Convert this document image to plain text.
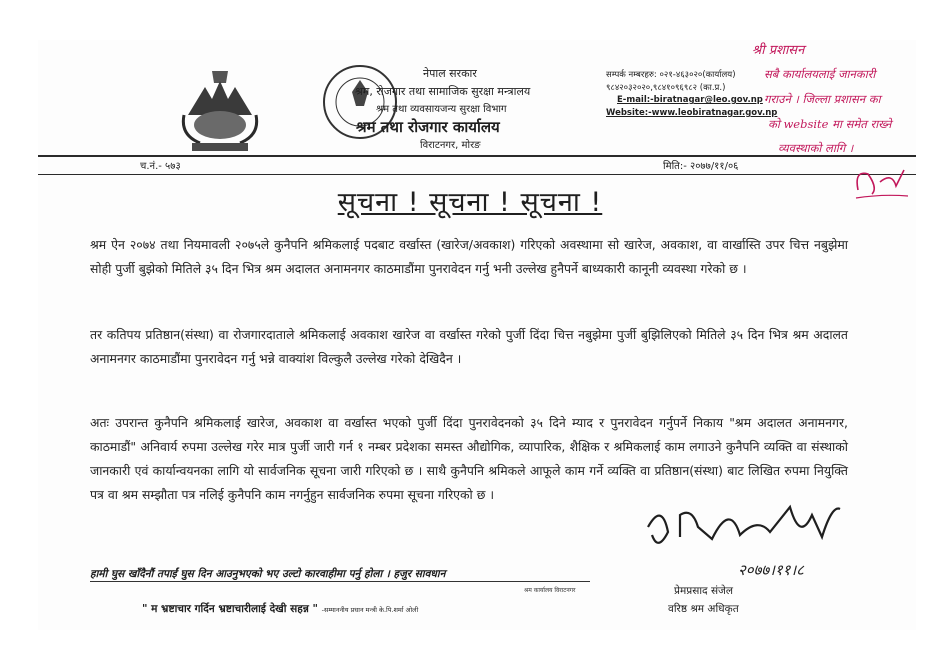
नेपाल सरकार
श्रम, रोजगार तथा सामाजिक सुरक्षा मन्त्रालय
श्रम तथा व्यवसायजन्य सुरक्षा विभाग
श्रम तथा रोजगार कार्यालय
विराटनगर, मोरङ
सम्पर्क नम्बरहरु: ०२१-४६३०२०(कार्यालय)
९८४२०३२०२०,९८४१०९६९८२ (का.प्र.)
E-mail:-biratnagar@leo.gov.np
Website:-www.leobiratnagar.gov.np
च.नं.- ५७३	मिति:- २०७७/११/०६
सूचना ! सूचना ! सूचना !
श्रम ऐन २०७४ तथा नियमावली २०७५ले कुनैपनि श्रमिकलाई पदबाट वर्खास्त (खारेज/अवकाश) गरिएको अवस्थामा सो खारेज, अवकाश, वा वार्खास्ति उपर चित्त नबुझेमा सोही पुर्जी बुझेको मितिले ३५ दिन भित्र श्रम अदालत अनामनगर काठमाडौंमा पुनरावेदन गर्नु भनी उल्लेख हुनैपर्ने बाध्यकारी कानूनी व्यवस्था गरेको छ ।
तर कतिपय प्रतिष्ठान(संस्था) वा रोजगारदाताले श्रमिकलाई अवकाश खारेज वा वर्खास्त गरेको पुर्जी दिंदा चित्त नबुझेमा पुर्जी बुझिलिएको मितिले ३५ दिन भित्र श्रम अदालत अनामनगर काठमाडौंमा पुनरावेदन गर्नु भन्ने वाक्यांश विल्कुलै उल्लेख गरेको देखिदैन ।
अतः उपरान्त कुनैपनि श्रमिकलाई खारेज, अवकाश वा वर्खास्त भएको पुर्जी दिंदा पुनरावेदनको ३५ दिने म्याद र पुनरावेदन गर्नुपर्ने निकाय "श्रम अदालत अनामनगर, काठमाडौं" अनिवार्य रुपमा उल्लेख गरेर मात्र पुर्जी जारी गर्न १ नम्बर प्रदेशका समस्त औद्योगिक, व्यापारिक, शैक्षिक र श्रमिकलाई काम लगाउने कुनैपनि व्यक्ति वा संस्थाको जानकारी एवं कार्यान्वयनका लागि यो सार्वजनिक सूचना जारी गरिएको छ । साथै कुनैपनि श्रमिकले आफूले काम गर्ने व्यक्ति वा प्रतिष्ठान(संस्था) बाट लिखित रुपमा नियुक्ति पत्र वा श्रम सम्झौता पत्र नलिई कुनैपनि काम नगर्नुहुन सार्वजनिक रुपमा सूचना गरिएको छ ।
हामी घुस खाँदैनौं तपाईं घुस दिन आउनुभएको भए उल्टो कारवाहीमा पर्नु होला । हजुर सावधान
श्रम कार्यालय विराटनगर
" म भ्रष्टाचार गर्दिन भ्रष्टाचारीलाई देखी सहन्न " -सम्माननीय प्रधान मन्त्री के.पि.शर्मा ओली
२०७७।११।८
प्रेमप्रसाद संजेल
वरिष्ठ श्रम अधिकृत
श्री प्रशासन
सबै कार्यालयलाई जानकारी
गराउने । जिल्ला प्रशासन का
को website मा समेत राख्ने
व्यवस्थाको लागि ।
